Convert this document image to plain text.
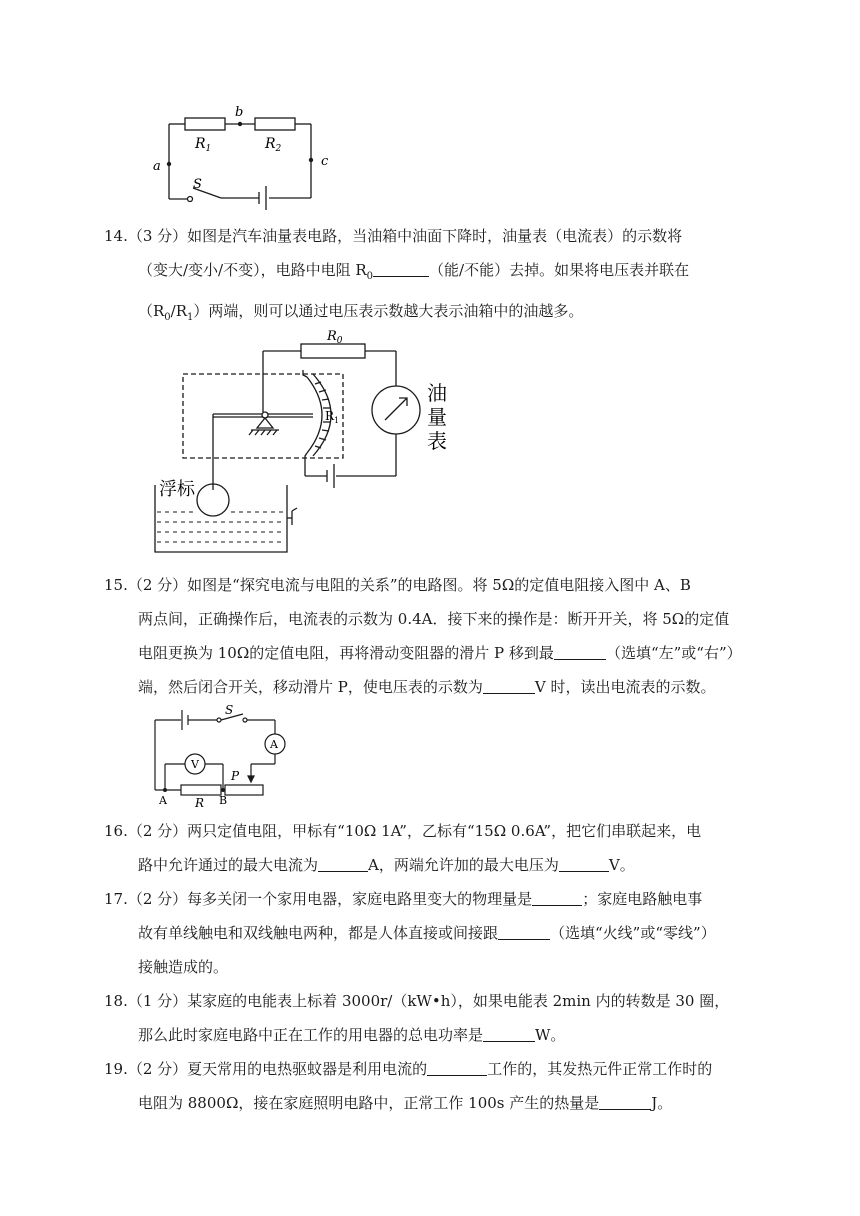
a
b
c
$R_1$	$R_2$
S

14.（3 分）如图是汽车油量表电路，当油箱中油面下降时，油量表（电流表）的示数将

（变大/变小/不变），电路中电阻 $R_0$	（能/不能）去掉。如果将电压表并联在

$(R_0/R_1)$两端，则可以通过电压表示数越大表示油箱中的油越多。

$R_0$
$R_1$
油
量
表
浮标

15.（2 分）如图是“探究电流与电阻的关系”的电路图。将 5Ω的定值电阻接入图中 A、B

两点间，正确操作后，电流表的示数为 0.4A．接下来的操作是：断开开关，将 5Ω的定值

电阻更换为 10Ω的定值电阻，再将滑动变阻器的滑片 P 移到最	（选填“左”或“右”）

端，然后闭合开关，移动滑片 P，使电压表的示数为	V 时，读出电流表的示数。

S
A
V
P
A R B

16.（2 分）两只定值电阻，甲标有“10Ω 1A”，乙标有“15Ω 0.6A”，把它们串联起来，电

路中允许通过的最大电流为	A，两端允许加的最大电压为	V。

17.（2 分）每多关闭一个家用电器，家庭电路里变大的物理量是	；家庭电路触电事

故有单线触电和双线触电两种，都是人体直接或间接跟	（选填“火线”或“零线”）

接触造成的。

18.（1 分）某家庭的电能表上标着 3000r/（kW•h），如果电能表 2min 内的转数是 30 圈，

那么此时家庭电路中正在工作的用电器的总电功率是	W。

19.（2 分）夏天常用的电热驱蚊器是利用电流的	工作的，其发热元件正常工作时的

电阻为 8800Ω，接在家庭照明电路中，正常工作 100s 产生的热量是	J。
